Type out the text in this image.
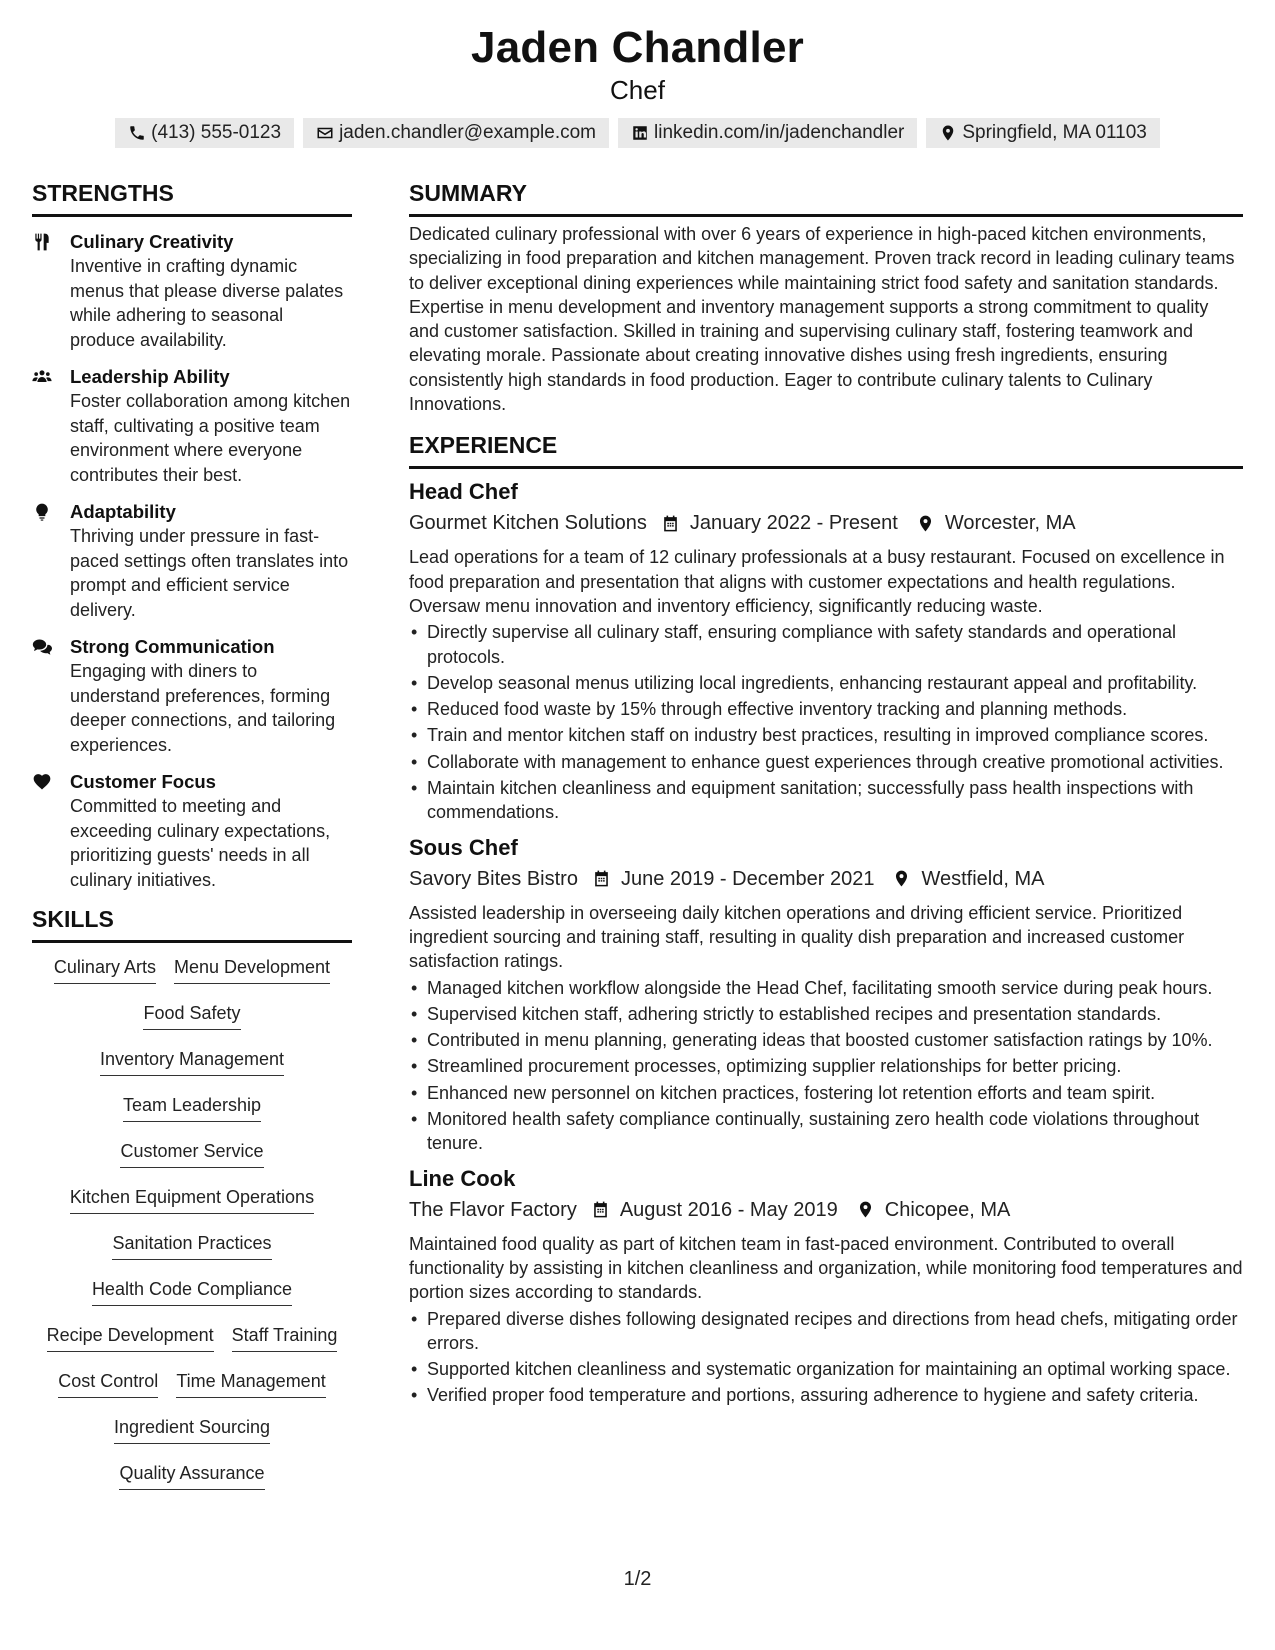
Jaden Chandler
Chef
(413) 555-0123	jaden.chandler@example.com	linkedin.com/in/jadenchandler	Springfield, MA 01103
STRENGTHS
Culinary Creativity
Inventive in crafting dynamic menus that please diverse palates while adhering to seasonal produce availability.
Leadership Ability
Foster collaboration among kitchen staff, cultivating a positive team environment where everyone contributes their best.
Adaptability
Thriving under pressure in fast-paced settings often translates into prompt and efficient service delivery.
Strong Communication
Engaging with diners to understand preferences, forming deeper connections, and tailoring experiences.
Customer Focus
Committed to meeting and exceeding culinary expectations, prioritizing guests' needs in all culinary initiatives.
SKILLS
Culinary Arts Menu Development
Food Safety
Inventory Management
Team Leadership
Customer Service
Kitchen Equipment Operations
Sanitation Practices
Health Code Compliance
Recipe Development Staff Training
Cost Control Time Management
Ingredient Sourcing
Quality Assurance
SUMMARY
Dedicated culinary professional with over 6 years of experience in high-paced kitchen environments, specializing in food preparation and kitchen management. Proven track record in leading culinary teams to deliver exceptional dining experiences while maintaining strict food safety and sanitation standards. Expertise in menu development and inventory management supports a strong commitment to quality and customer satisfaction. Skilled in training and supervising culinary staff, fostering teamwork and elevating morale. Passionate about creating innovative dishes using fresh ingredients, ensuring consistently high standards in food production. Eager to contribute culinary talents to Culinary Innovations.
EXPERIENCE
Head Chef
Gourmet Kitchen Solutions January 2022 - Present Worcester, MA
Lead operations for a team of 12 culinary professionals at a busy restaurant. Focused on excellence in food preparation and presentation that aligns with customer expectations and health regulations. Oversaw menu innovation and inventory efficiency, significantly reducing waste.
• Directly supervise all culinary staff, ensuring compliance with safety standards and operational protocols.
• Develop seasonal menus utilizing local ingredients, enhancing restaurant appeal and profitability.
• Reduced food waste by 15% through effective inventory tracking and planning methods.
• Train and mentor kitchen staff on industry best practices, resulting in improved compliance scores.
• Collaborate with management to enhance guest experiences through creative promotional activities.
• Maintain kitchen cleanliness and equipment sanitation; successfully pass health inspections with commendations.
Sous Chef
Savory Bites Bistro June 2019 - December 2021 Westfield, MA
Assisted leadership in overseeing daily kitchen operations and driving efficient service. Prioritized ingredient sourcing and training staff, resulting in quality dish preparation and increased customer satisfaction ratings.
• Managed kitchen workflow alongside the Head Chef, facilitating smooth service during peak hours.
• Supervised kitchen staff, adhering strictly to established recipes and presentation standards.
• Contributed in menu planning, generating ideas that boosted customer satisfaction ratings by 10%.
• Streamlined procurement processes, optimizing supplier relationships for better pricing.
• Enhanced new personnel on kitchen practices, fostering lot retention efforts and team spirit.
• Monitored health safety compliance continually, sustaining zero health code violations throughout tenure.
Line Cook
The Flavor Factory August 2016 - May 2019 Chicopee, MA
Maintained food quality as part of kitchen team in fast-paced environment. Contributed to overall functionality by assisting in kitchen cleanliness and organization, while monitoring food temperatures and portion sizes according to standards.
• Prepared diverse dishes following designated recipes and directions from head chefs, mitigating order errors.
• Supported kitchen cleanliness and systematic organization for maintaining an optimal working space.
• Verified proper food temperature and portions, assuring adherence to hygiene and safety criteria.
1/2
